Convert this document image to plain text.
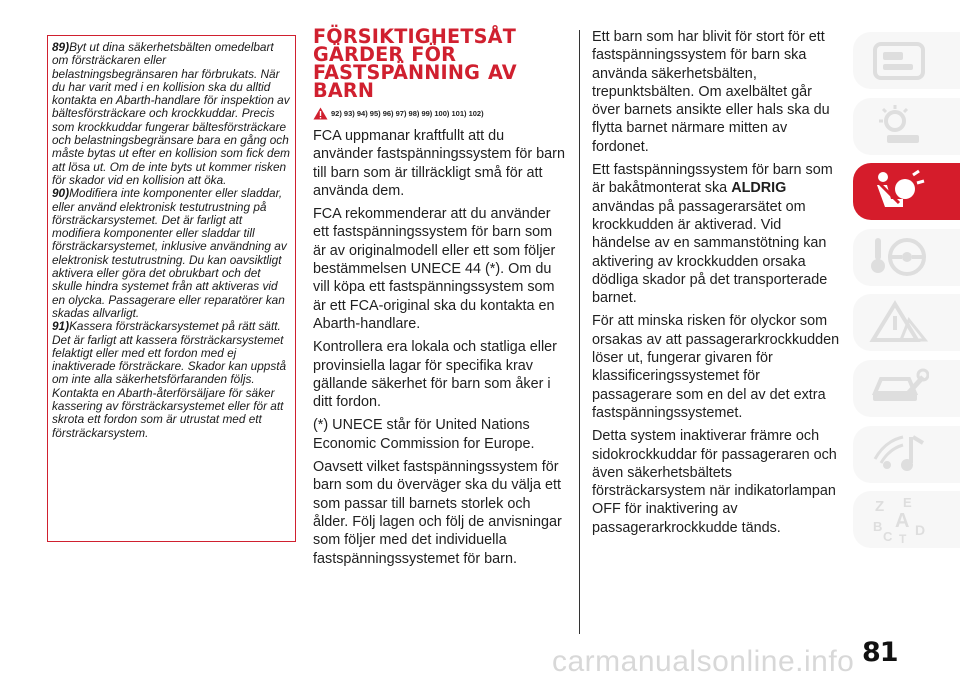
89)Byt ut dina säkerhetsbälten omedelbart om försträckaren eller belastningsbegränsaren har förbrukats. När du har varit med i en kollision ska du alltid kontakta en Abarth-handlare för inspektion av bältesförsträckare och krockkuddar. Precis som krockkuddar fungerar bältesförsträckare och belastningsbegränsare bara en gång och måste bytas ut efter en kollision som fick dem att lösa ut. Om de inte byts ut kommer risken för skador vid en kollision att öka.
90)Modifiera inte komponenter eller sladdar, eller använd elektronisk testutrustning på försträckarsystemet. Det är farligt att modifiera komponenter eller sladdar till försträckarsystemet, inklusive användning av elektronisk testutrustning. Du kan oavsiktligt aktivera eller göra det obrukbart och det skulle hindra systemet från att aktiveras vid en olycka. Passagerare eller reparatörer kan skadas allvarligt.
91)Kassera försträckarsystemet på rätt sätt. Det är farligt att kassera försträckarsystemet felaktigt eller med ett fordon med ej inaktiverade försträckare. Skador kan uppstå om inte alla säkerhetsförfaranden följs. Kontakta en Abarth-återförsäljare för säker kassering av försträckarsystemet eller för att skrota ett fordon som är utrustat med ett försträckarsystem.
FÖRSIKTIGHETSÅT
GÄRDER FÖR
FASTSPÄNNING AV
BARN
92) 93) 94) 95) 96) 97) 98) 99) 100) 101) 102)

FCA uppmanar kraftfullt att du använder fastspänningssystem för barn till barn som är tillräckligt små för att använda dem.

FCA rekommenderar att du använder ett fastspänningssystem för barn som är av originalmodell eller ett som följer bestämmelsen UNECE 44 (*). Om du vill köpa ett fastspänningssystem som är ett FCA-original ska du kontakta en Abarth-handlare.

Kontrollera era lokala och statliga eller provinsiella lagar för specifika krav gällande säkerhet för barn som åker i ditt fordon.

(*) UNECE står för United Nations Economic Commission for Europe.

Oavsett vilket fastspänningssystem för barn som du överväger ska du välja ett som passar till barnets storlek och ålder. Följ lagen och följ de anvisningar som följer med det individuella fastspänningssystemet för barn.

Ett barn som har blivit för stort för ett fastspänningssystem för barn ska använda säkerhetsbälten, trepunktsbälten. Om axelbältet går över barnets ansikte eller hals ska du flytta barnet närmare mitten av fordonet.

Ett fastspänningssystem för barn som är bakåtmonterat ska ALDRIG användas på passagerarsätet om krockkudden är aktiverad. Vid händelse av en sammanstötning kan aktivering av krockkudden orsaka dödliga skador på det transporterade barnet.

För att minska risken för olyckor som orsakas av att passagerarkrockkudden löser ut, fungerar givaren för klassificeringssystemet för passagerare som en del av det extra fastspänningssystemet.

Detta system inaktiverar främre och sidokrockkuddar för passageraren och även säkerhetsbältets försträckarsystem när indikatorlampan OFF för inaktivering av passagerarkrockkudde tänds.

Z E
A
B
C D
T
carmanualsonline.info 81
